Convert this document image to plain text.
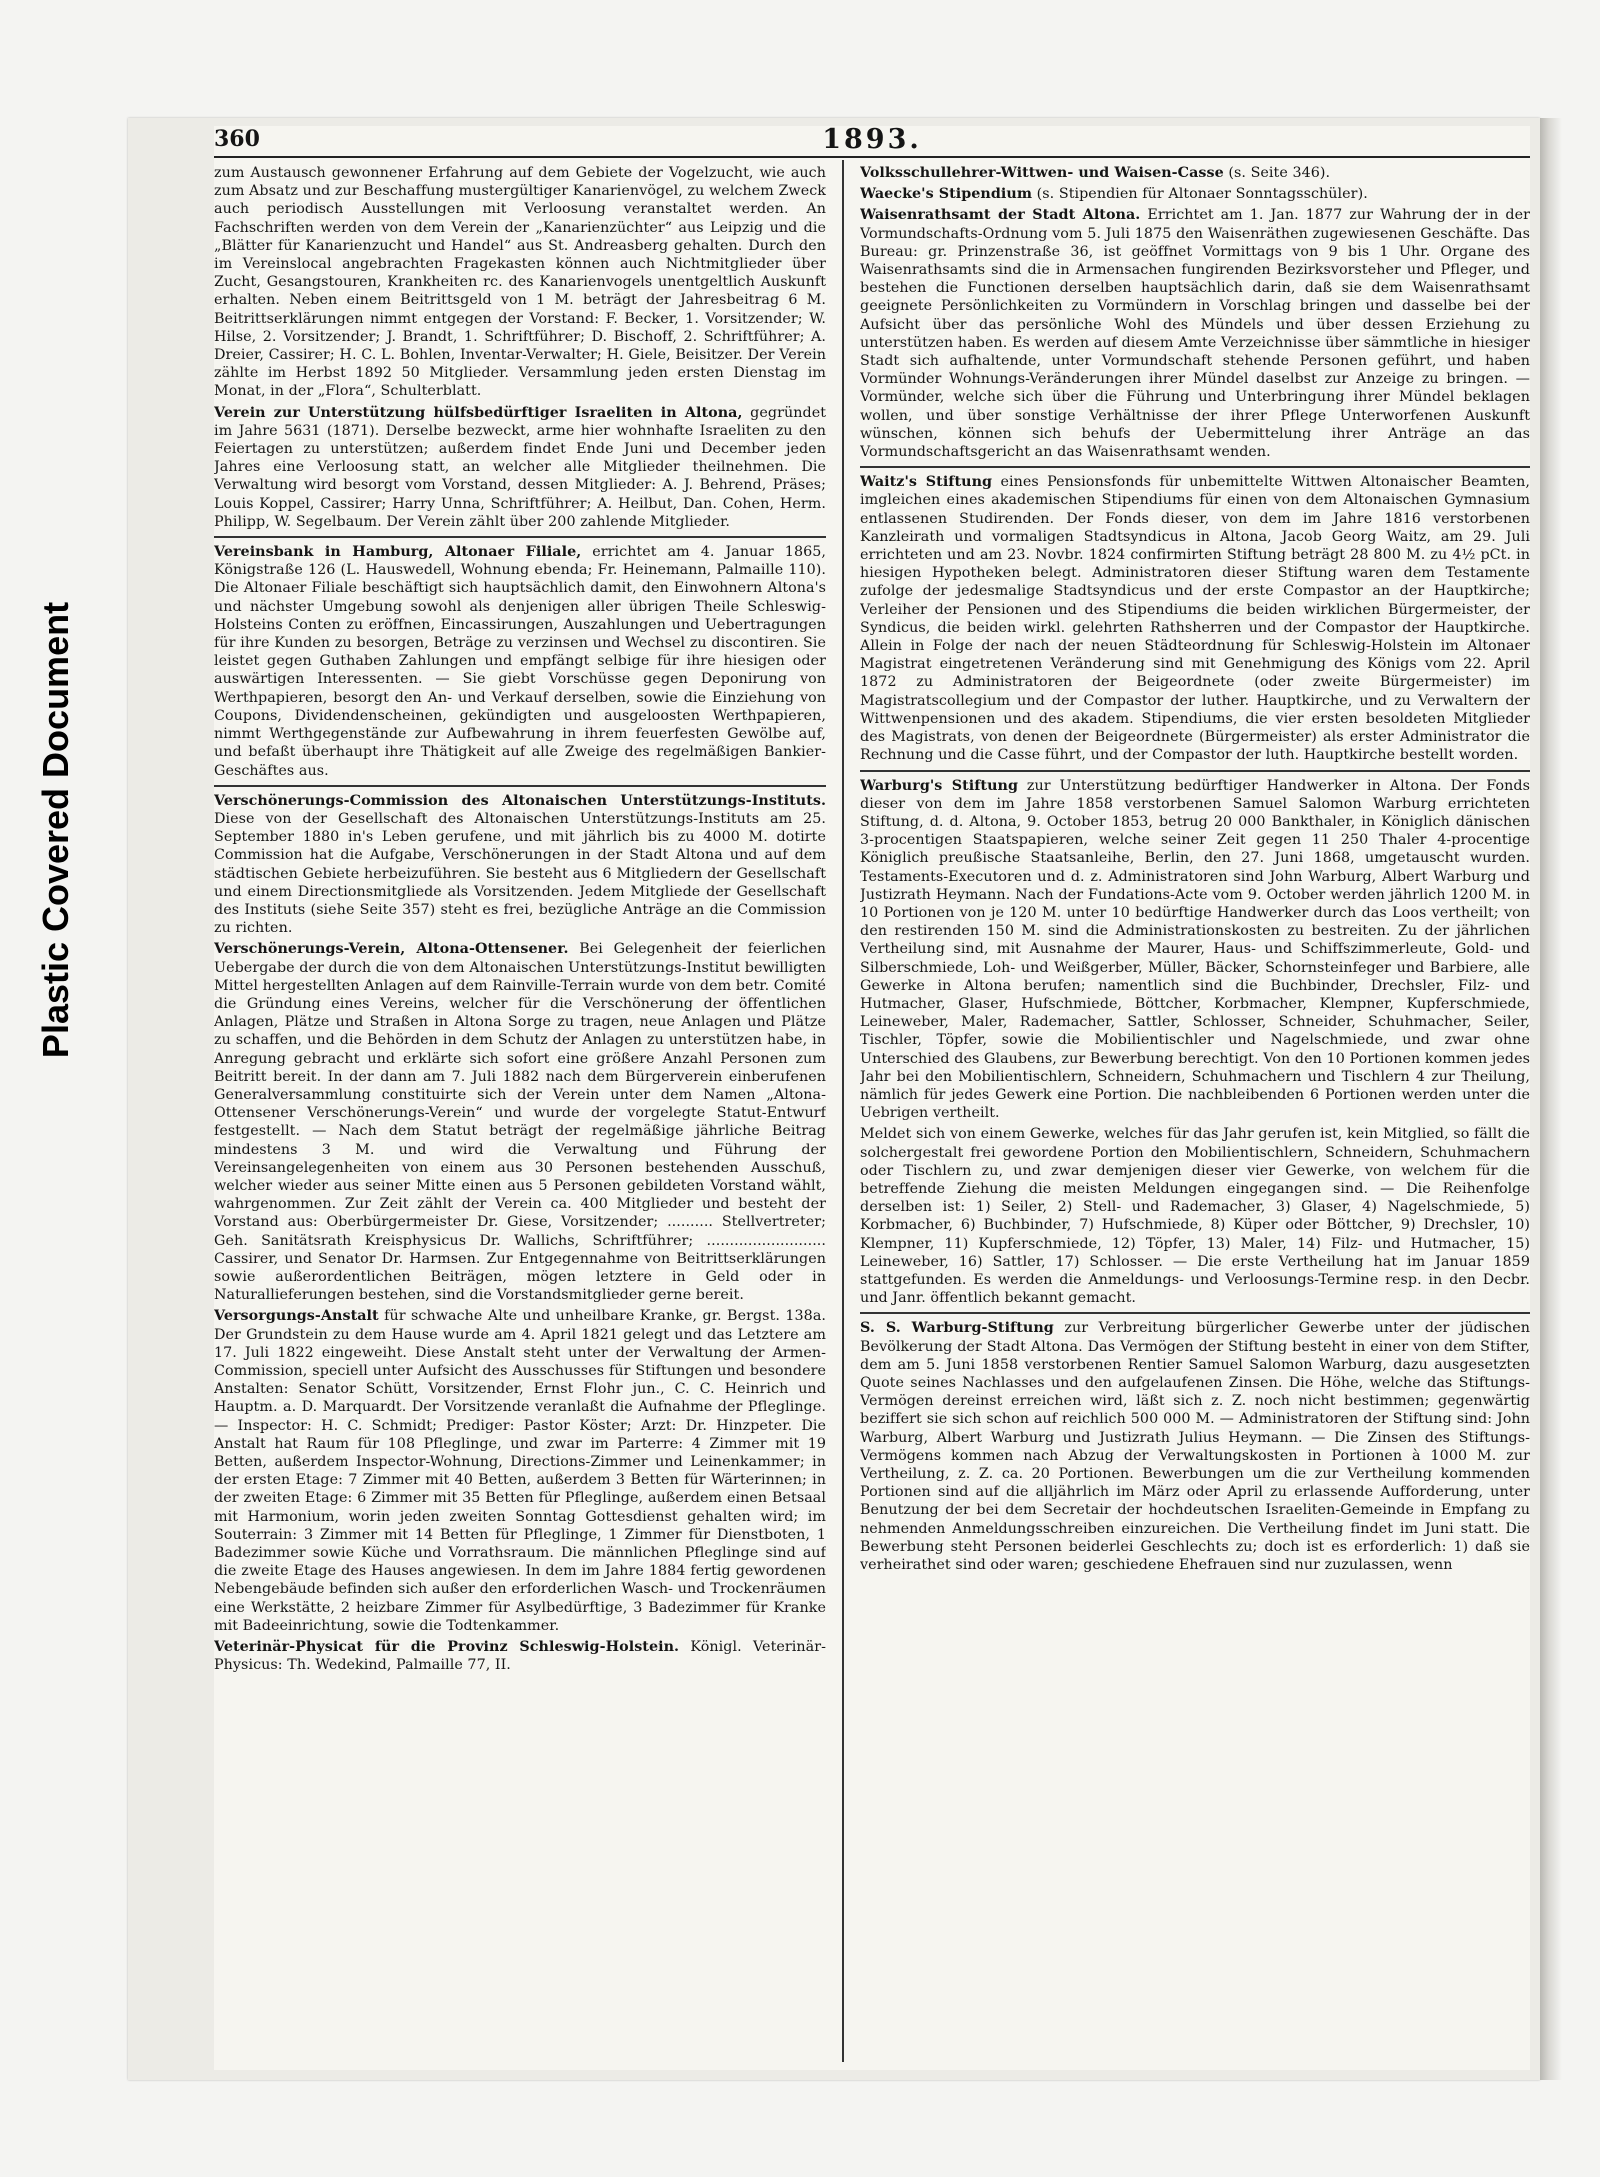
Plastic Covered Document
360	1893.

zum Austausch gewonnener Erfahrung auf dem Gebiete der Vogelzucht, wie auch zum Absatz und zur Beschaffung mustergültiger Kanarienvögel, zu welchem Zweck auch periodisch Ausstellungen mit Verloosung veranstaltet werden. An Fachschriften werden von dem Verein der „Kanarienzüchter“ aus Leipzig und die „Blätter für Kanarienzucht und Handel“ aus St. Andreasberg gehalten. Durch den im Vereinslocal angebrachten Fragekasten können auch Nichtmitglieder über Zucht, Gesangstouren, Krankheiten rc. des Kanarienvogels unentgeltlich Auskunft erhalten. Neben einem Beitrittsgeld von 1 M. beträgt der Jahresbeitrag 6 M. Beitrittserklärungen nimmt entgegen der Vorstand: F. Becker, 1. Vorsitzender; W. Hilse, 2. Vorsitzender; J. Brandt, 1. Schriftführer; D. Bischoff, 2. Schriftführer; A. Dreier, Cassirer; H. C. L. Bohlen, Inventar-Verwalter; H. Giele, Beisitzer. Der Verein zählte im Herbst 1892 50 Mitglieder. Versammlung jeden ersten Dienstag im Monat, in der „Flora“, Schulterblatt.

Verein zur Unterstützung hülfsbedürftiger Israeliten in Altona, gegründet im Jahre 5631 (1871). Derselbe bezweckt, arme hier wohnhafte Israeliten zu den Feiertagen zu unterstützen; außerdem findet Ende Juni und December jeden Jahres eine Verloosung statt, an welcher alle Mitglieder theilnehmen. Die Verwaltung wird besorgt vom Vorstand, dessen Mitglieder: A. J. Behrend, Präses; Louis Koppel, Cassirer; Harry Unna, Schriftführer; A. Heilbut, Dan. Cohen, Herm. Philipp, W. Segelbaum. Der Verein zählt über 200 zahlende Mitglieder.

Vereinsbank in Hamburg, Altonaer Filiale, errichtet am 4. Januar 1865, Königstraße 126 (L. Hauswedell, Wohnung ebenda; Fr. Heinemann, Palmaille 110). Die Altonaer Filiale beschäftigt sich hauptsächlich damit, den Einwohnern Altona's und nächster Umgebung sowohl als denjenigen aller übrigen Theile Schleswig-Holsteins Conten zu eröffnen, Eincassirungen, Auszahlungen und Uebertragungen für ihre Kunden zu besorgen, Beträge zu verzinsen und Wechsel zu discontiren. Sie leistet gegen Guthaben Zahlungen und empfängt selbige für ihre hiesigen oder auswärtigen Interessenten. — Sie giebt Vorschüsse gegen Deponirung von Werthpapieren, besorgt den An- und Verkauf derselben, sowie die Einziehung von Coupons, Dividendenscheinen, gekündigten und ausgeloosten Werthpapieren, nimmt Werthgegenstände zur Aufbewahrung in ihrem feuerfesten Gewölbe auf, und befaßt überhaupt ihre Thätigkeit auf alle Zweige des regelmäßigen Bankier-Geschäftes aus.

Verschönerungs-Commission des Altonaischen Unterstützungs-Instituts. Diese von der Gesellschaft des Altonaischen Unterstützungs-Instituts am 25. September 1880 in's Leben gerufene, und mit jährlich bis zu 4000 M. dotirte Commission hat die Aufgabe, Verschönerungen in der Stadt Altona und auf dem städtischen Gebiete herbeizuführen. Sie besteht aus 6 Mitgliedern der Gesellschaft und einem Directionsmitgliede als Vorsitzenden. Jedem Mitgliede der Gesellschaft des Instituts (siehe Seite 357) steht es frei, bezügliche Anträge an die Commission zu richten.

Verschönerungs-Verein, Altona-Ottensener. Bei Gelegenheit der feierlichen Uebergabe der durch die von dem Altonaischen Unterstützungs-Institut bewilligten Mittel hergestellten Anlagen auf dem Rainville-Terrain wurde von dem betr. Comité die Gründung eines Vereins, welcher für die Verschönerung der öffentlichen Anlagen, Plätze und Straßen in Altona Sorge zu tragen, neue Anlagen und Plätze zu schaffen, und die Behörden in dem Schutz der Anlagen zu unterstützen habe, in Anregung gebracht und erklärte sich sofort eine größere Anzahl Personen zum Beitritt bereit. In der dann am 7. Juli 1882 nach dem Bürgerverein einberufenen Generalversammlung constituirte sich der Verein unter dem Namen „Altona-Ottensener Verschönerungs-Verein“ und wurde der vorgelegte Statut-Entwurf festgestellt. — Nach dem Statut beträgt der regelmäßige jährliche Beitrag mindestens 3 M. und wird die Verwaltung und Führung der Vereinsangelegenheiten von einem aus 30 Personen bestehenden Ausschuß, welcher wieder aus seiner Mitte einen aus 5 Personen gebildeten Vorstand wählt, wahrgenommen. Zur Zeit zählt der Verein ca. 400 Mitglieder und besteht der Vorstand aus: Oberbürgermeister Dr. Giese, Vorsitzender; .......... Stellvertreter; Geh. Sanitätsrath Kreisphysicus Dr. Wallichs, Schriftführer; .......................... Cassirer, und Senator Dr. Harmsen. Zur Entgegennahme von Beitrittserklärungen sowie außerordentlichen Beiträgen, mögen letztere in Geld oder in Naturallieferungen bestehen, sind die Vorstandsmitglieder gerne bereit.

Versorgungs-Anstalt für schwache Alte und unheilbare Kranke, gr. Bergst. 138a. Der Grundstein zu dem Hause wurde am 4. April 1821 gelegt und das Letztere am 17. Juli 1822 eingeweiht. Diese Anstalt steht unter der Verwaltung der Armen-Commission, speciell unter Aufsicht des Ausschusses für Stiftungen und besondere Anstalten: Senator Schütt, Vorsitzender, Ernst Flohr jun., C. C. Heinrich und Hauptm. a. D. Marquardt. Der Vorsitzende veranlaßt die Aufnahme der Pfleglinge. — Inspector: H. C. Schmidt; Prediger: Pastor Köster; Arzt: Dr. Hinzpeter. Die Anstalt hat Raum für 108 Pfleglinge, und zwar im Parterre: 4 Zimmer mit 19 Betten, außerdem Inspector-Wohnung, Directions-Zimmer und Leinenkammer; in der ersten Etage: 7 Zimmer mit 40 Betten, außerdem 3 Betten für Wärterinnen; in der zweiten Etage: 6 Zimmer mit 35 Betten für Pfleglinge, außerdem einen Betsaal mit Harmonium, worin jeden zweiten Sonntag Gottesdienst gehalten wird; im Souterrain: 3 Zimmer mit 14 Betten für Pfleglinge, 1 Zimmer für Dienstboten, 1 Badezimmer sowie Küche und Vorrathsraum. Die männlichen Pfleglinge sind auf die zweite Etage des Hauses angewiesen. In dem im Jahre 1884 fertig gewordenen Nebengebäude befinden sich außer den erforderlichen Wasch- und Trockenräumen eine Werkstätte, 2 heizbare Zimmer für Asylbedürftige, 3 Badezimmer für Kranke mit Badeeinrichtung, sowie die Todtenkammer.

Veterinär-Physicat für die Provinz Schleswig-Holstein. Königl. Veterinär-Physicus: Th. Wedekind, Palmaille 77, II.

Volksschullehrer-Wittwen- und Waisen-Casse (s. Seite 346).

Waecke's Stipendium (s. Stipendien für Altonaer Sonntagsschüler).

Waisenrathsamt der Stadt Altona. Errichtet am 1. Jan. 1877 zur Wahrung der in der Vormundschafts-Ordnung vom 5. Juli 1875 den Waisenräthen zugewiesenen Geschäfte. Das Bureau: gr. Prinzenstraße 36, ist geöffnet Vormittags von 9 bis 1 Uhr. Organe des Waisenrathsamts sind die in Armensachen fungirenden Bezirksvorsteher und Pfleger, und bestehen die Functionen derselben hauptsächlich darin, daß sie dem Waisenrathsamt geeignete Persönlichkeiten zu Vormündern in Vorschlag bringen und dasselbe bei der Aufsicht über das persönliche Wohl des Mündels und über dessen Erziehung zu unterstützen haben. Es werden auf diesem Amte Verzeichnisse über sämmtliche in hiesiger Stadt sich aufhaltende, unter Vormundschaft stehende Personen geführt, und haben Vormünder Wohnungs-Veränderungen ihrer Mündel daselbst zur Anzeige zu bringen. — Vormünder, welche sich über die Führung und Unterbringung ihrer Mündel beklagen wollen, und über sonstige Verhältnisse der ihrer Pflege Unterworfenen Auskunft wünschen, können sich behufs der Uebermittelung ihrer Anträge an das Vormundschaftsgericht an das Waisenrathsamt wenden.

Waitz's Stiftung eines Pensionsfonds für unbemittelte Wittwen Altonaischer Beamten, imgleichen eines akademischen Stipendiums für einen von dem Altonaischen Gymnasium entlassenen Studirenden. Der Fonds dieser, von dem im Jahre 1816 verstorbenen Kanzleirath und vormaligen Stadtsyndicus in Altona, Jacob Georg Waitz, am 29. Juli errichteten und am 23. Novbr. 1824 confirmirten Stiftung beträgt 28 800 M. zu 4½ pCt. in hiesigen Hypotheken belegt. Administratoren dieser Stiftung waren dem Testamente zufolge der jedesmalige Stadtsyndicus und der erste Compastor an der Hauptkirche; Verleiher der Pensionen und des Stipendiums die beiden wirklichen Bürgermeister, der Syndicus, die beiden wirkl. gelehrten Rathsherren und der Compastor der Hauptkirche. Allein in Folge der nach der neuen Städteordnung für Schleswig-Holstein im Altonaer Magistrat eingetretenen Veränderung sind mit Genehmigung des Königs vom 22. April 1872 zu Administratoren der Beigeordnete (oder zweite Bürgermeister) im Magistratscollegium und der Compastor der luther. Hauptkirche, und zu Verwaltern der Wittwenpensionen und des akadem. Stipendiums, die vier ersten besoldeten Mitglieder des Magistrats, von denen der Beigeordnete (Bürgermeister) als erster Administrator die Rechnung und die Casse führt, und der Compastor der luth. Hauptkirche bestellt worden.

Warburg's Stiftung zur Unterstützung bedürftiger Handwerker in Altona. Der Fonds dieser von dem im Jahre 1858 verstorbenen Samuel Salomon Warburg errichteten Stiftung, d. d. Altona, 9. October 1853, betrug 20 000 Bankthaler, in Königlich dänischen 3-procentigen Staatspapieren, welche seiner Zeit gegen 11 250 Thaler 4-procentige Königlich preußische Staatsanleihe, Berlin, den 27. Juni 1868, umgetauscht wurden. Testaments-Executoren und d. z. Administratoren sind John Warburg, Albert Warburg und Justizrath Heymann. Nach der Fundations-Acte vom 9. October werden jährlich 1200 M. in 10 Portionen von je 120 M. unter 10 bedürftige Handwerker durch das Loos vertheilt; von den restirenden 150 M. sind die Administrationskosten zu bestreiten. Zu der jährlichen Vertheilung sind, mit Ausnahme der Maurer, Haus- und Schiffszimmerleute, Gold- und Silberschmiede, Loh- und Weißgerber, Müller, Bäcker, Schornsteinfeger und Barbiere, alle Gewerke in Altona berufen; namentlich sind die Buchbinder, Drechsler, Filz- und Hutmacher, Glaser, Hufschmiede, Böttcher, Korbmacher, Klempner, Kupferschmiede, Leineweber, Maler, Rademacher, Sattler, Schlosser, Schneider, Schuhmacher, Seiler, Tischler, Töpfer, sowie die Mobilientischler und Nagelschmiede, und zwar ohne Unterschied des Glaubens, zur Bewerbung berechtigt. Von den 10 Portionen kommen jedes Jahr bei den Mobilientischlern, Schneidern, Schuhmachern und Tischlern 4 zur Theilung, nämlich für jedes Gewerk eine Portion. Die nachbleibenden 6 Portionen werden unter die Uebrigen vertheilt.

Meldet sich von einem Gewerke, welches für das Jahr gerufen ist, kein Mitglied, so fällt die solchergestalt frei gewordene Portion den Mobilientischlern, Schneidern, Schuhmachern oder Tischlern zu, und zwar demjenigen dieser vier Gewerke, von welchem für die betreffende Ziehung die meisten Meldungen eingegangen sind. — Die Reihenfolge derselben ist: 1) Seiler, 2) Stell- und Rademacher, 3) Glaser, 4) Nagelschmiede, 5) Korbmacher, 6) Buchbinder, 7) Hufschmiede, 8) Küper oder Böttcher, 9) Drechsler, 10) Klempner, 11) Kupferschmiede, 12) Töpfer, 13) Maler, 14) Filz- und Hutmacher, 15) Leineweber, 16) Sattler, 17) Schlosser. — Die erste Vertheilung hat im Januar 1859 stattgefunden. Es werden die Anmeldungs- und Verloosungs-Termine resp. in den Decbr. und Janr. öffentlich bekannt gemacht.

S. S. Warburg-Stiftung zur Verbreitung bürgerlicher Gewerbe unter der jüdischen Bevölkerung der Stadt Altona. Das Vermögen der Stiftung besteht in einer von dem Stifter, dem am 5. Juni 1858 verstorbenen Rentier Samuel Salomon Warburg, dazu ausgesetzten Quote seines Nachlasses und den aufgelaufenen Zinsen. Die Höhe, welche das Stiftungs-Vermögen dereinst erreichen wird, läßt sich z. Z. noch nicht bestimmen; gegenwärtig beziffert sie sich schon auf reichlich 500 000 M. — Administratoren der Stiftung sind: John Warburg, Albert Warburg und Justizrath Julius Heymann. — Die Zinsen des Stiftungs-Vermögens kommen nach Abzug der Verwaltungskosten in Portionen à 1000 M. zur Vertheilung, z. Z. ca. 20 Portionen. Bewerbungen um die zur Vertheilung kommenden Portionen sind auf die alljährlich im März oder April zu erlassende Aufforderung, unter Benutzung der bei dem Secretair der hochdeutschen Israeliten-Gemeinde in Empfang zu nehmenden Anmeldungsschreiben einzureichen. Die Vertheilung findet im Juni statt. Die Bewerbung steht Personen beiderlei Geschlechts zu; doch ist es erforderlich: 1) daß sie verheirathet sind oder waren; geschiedene Ehefrauen sind nur zuzulassen, wenn
